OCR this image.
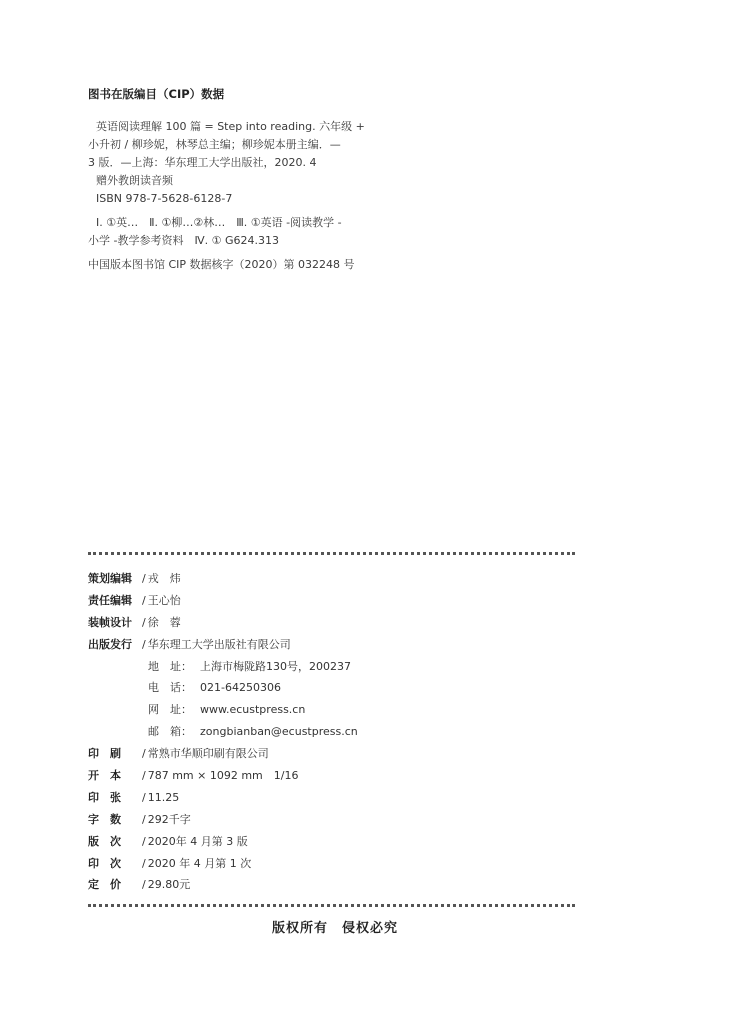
图书在版编目（CIP）数据

英语阅读理解 100 篇 = Step into reading. 六年级 +

小升初 / 柳珍妮，林琴总主编；柳珍妮本册主编．—

3 版．—上海：华东理工大学出版社，2020. 4

赠外教朗读音频

ISBN 978-7-5628-6128-7

Ⅰ. ①英…　Ⅱ. ①柳…②林…　Ⅲ. ①英语 -阅读教学 -

小学 -教学参考资料　Ⅳ. ① G624.313

中国版本图书馆 CIP 数据核字（2020）第 032248 号

策划编辑 / 戎　炜
责任编辑 / 王心怡
装帧设计 / 徐　蓉
出版发行 / 华东理工大学出版社有限公司
地　址： 上海市梅陇路130号，200237
电　话： 021-64250306
网　址： www.ecustpress.cn
邮　箱： zongbianban@ecustpress.cn
印　刷	/ 常熟市华顺印刷有限公司
开　本	/ 787 mm × 1092 mm　1/16
印　张	/ 11.25
字　数	/ 292千字
版　次	/ 2020年 4 月第 3 版
印　次	/ 2020 年 4 月第 1 次
定　价	/ 29.80元
版权所有　侵权必究
